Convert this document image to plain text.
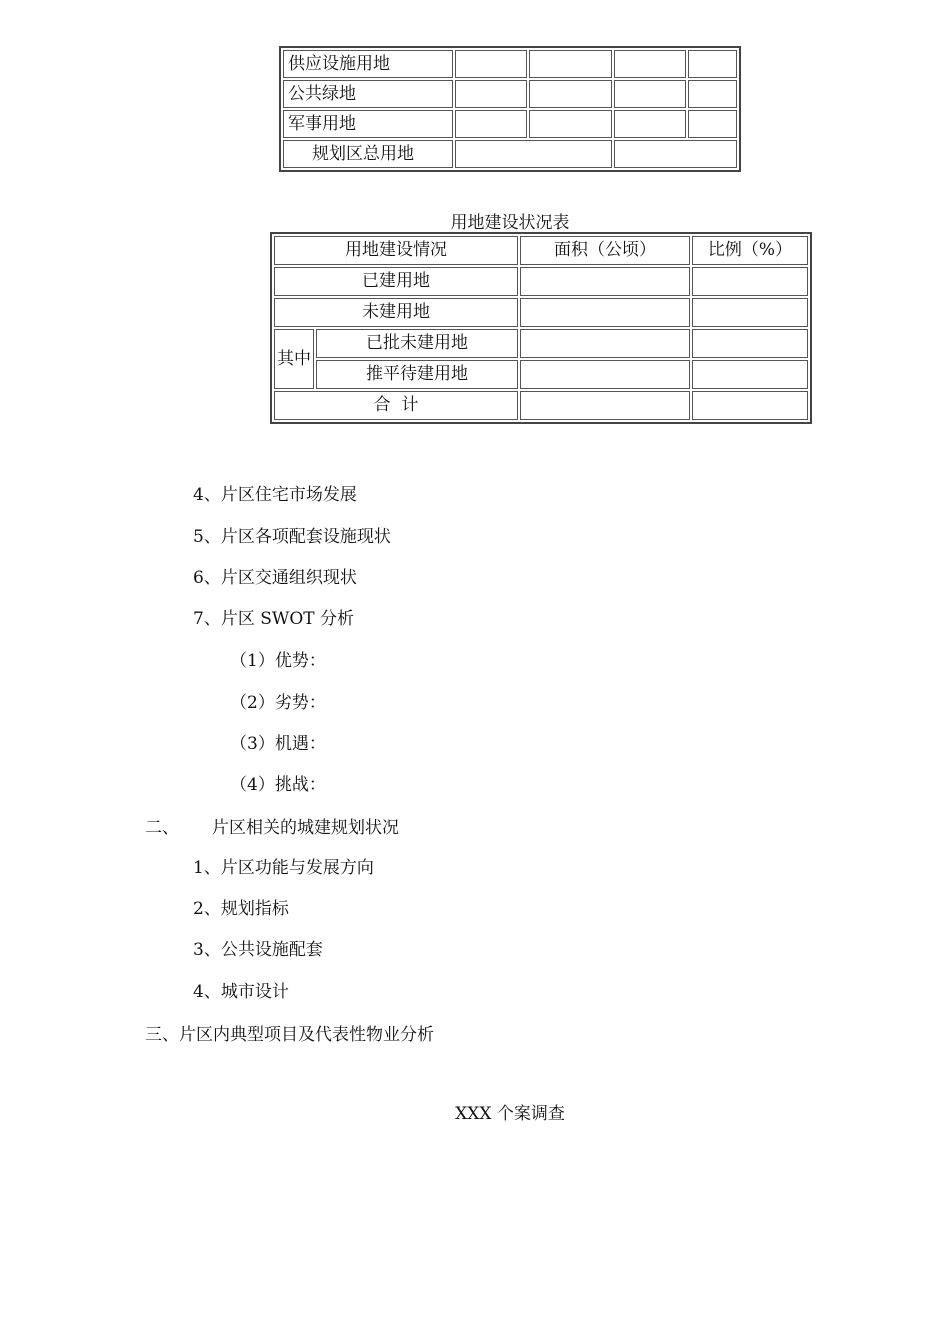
供应设施用地				
公共绿地				
军事用地				
规划区总用地				
用地建设状况表
用地建设情况		面积（公顷）	比例（%）
已建用地			
未建用地			
其中	已批未建用地		
	推平待建用地		
合  计			
4、片区住宅市场发展
5、片区各项配套设施现状
6、片区交通组织现状
7、片区 SWOT 分析
（1）优势：
（2）劣势：
（3）机遇：
（4）挑战：
二、 片区相关的城建规划状况
1、片区功能与发展方向
2、规划指标
3、公共设施配套
4、城市设计
三、片区内典型项目及代表性物业分析
XXX 个案调查
